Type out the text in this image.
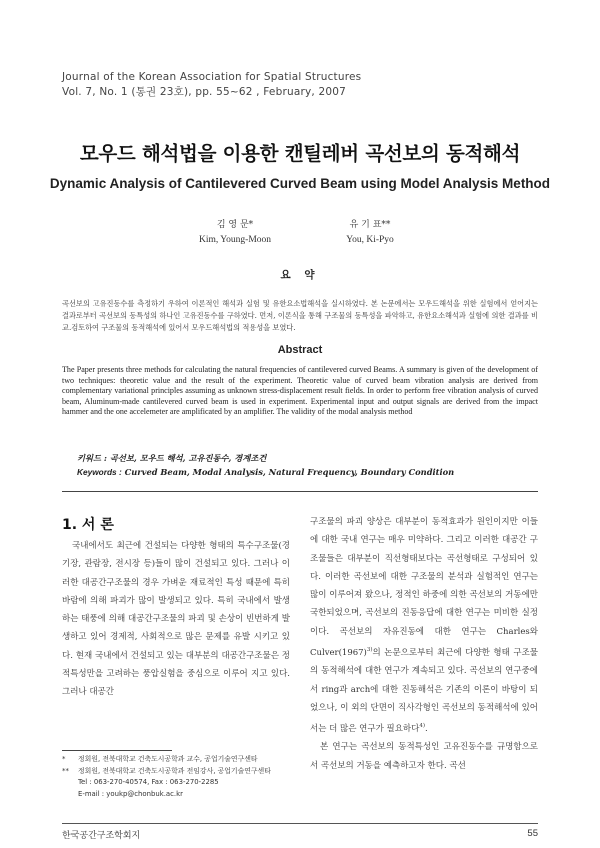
Journal of the Korean Association for Spatial Structures
Vol. 7, No. 1 (통권 23호), pp. 55~62 , February, 2007
모우드 해석법을 이용한 캔틸레버 곡선보의 동적해석
Dynamic Analysis of Cantilevered Curved Beam using Model Analysis Method
김 영 문*
Kim, Young-Moon
유 기 표**
You, Ki-Pyo
요 약
곡선보의 고유진동수를 측정하기 우하여 이론적인 해석과 실험 및 유한요소법해석을 실시하였다. 본 논문에서는 모우드해석을 위한 실험에서 얻어지는 결과로부터 곡선보의 동특성의 하나인 고유진동수를 구하였다. 먼저, 이론식을 통해 구조물의 동특성을 파악하고, 유한요소해석과 실험에 의한 결과를 비교.검토하여 구조물의 동적해석에 있어서 모우드해석법의 적용성을 보였다.
Abstract
The Paper presents three methods for calculating the natural frequencies of cantilevered curved Beams. A summary is given of the development of two techniques: theoretic value and the result of the experiment. Theoretic value of curved beam vibration analysis are derived from complementary variational principles assuming as unknown stress-displacement result fields. In order to perform free vibration analysis of curved beam, Aluminum-made cantilevered curved beam is used in experiment. Experimental input and output signals are derived from the impact hammer and the one accelemeter are amplificated by an amplifier. The validity of the modal analysis method
키워드 : 곡선보, 모우드 해석, 고유진동수, 경계조건
Keywords : Curved Beam, Modal Analysis, Natural Frequency, Boundary Condition
1. 서 론

국내에서도 최근에 건설되는 다양한 형태의 특수구조물(경기장, 관람장, 전시장 등)들이 많이 건설되고 있다. 그러나 이러한 대공간구조물의 경우 가벼운 재료적인 특성 때문에 특히 바람에 의해 파괴가 많이 발생되고 있다. 특히 국내에서 발생하는 태풍에 의해 대공간구조물의 파괴 및 손상이 빈번하게 발생하고 있어 경제적, 사회적으로 많은 문제를 유발 시키고 있다. 현재 국내에서 건설되고 있는 대부분의 대공간구조물은 정적특성만을 고려하는 풍압실험을 중심으로 이루어 지고 있다. 그러나 대공간

구조물의 파괴 양상은 대부분이 동적효과가 원인이지만 이들에 대한 국내 연구는 매우 미약하다. 그리고 이러한 대공간 구조물들은 대부분이 직선형태보다는 곡선형태로 구성되어 있다. 이러한 곡선보에 대한 구조물의 분석과 실험적인 연구는 많이 이루어져 왔으나, 정적인 하중에 의한 곡선보의 거동에만 국한되었으며, 곡선보의 진동응답에 대한 연구는 미비한 실정이다. 곡선보의 자유진동에 대한 연구는 Charles와 $Culver(1967)^{3)}$의 논문으로부터 최근에 다양한 형태 구조물의 동적해석에 대한 연구가 계속되고 있다. 곡선보의 연구중에서 ring과 arch에 대한 진동해석은 기존의 이론이 바탕이 되었으나, 이 외의 단면이 직사각형인 곡선보의 동적해석에 있어서는 더 많은 연구가 필요하다$^{4)}$.

본 연구는 곡선보의 동적특성인 고유진동수를 규명함으로서 곡선보의 거동을 예측하고자 한다. 곡선

* 정회원, 전북대학교 건축도시공학과 교수, 공업기술연구센타
** 정회원, 전북대학교 건축도시공학과 전임강사, 공업기술연구센타
Tel : 063-270-40574, Fax : 063-270-2285
E-mail : youkp@chonbuk.ac.kr
한국공간구조학회지	55
